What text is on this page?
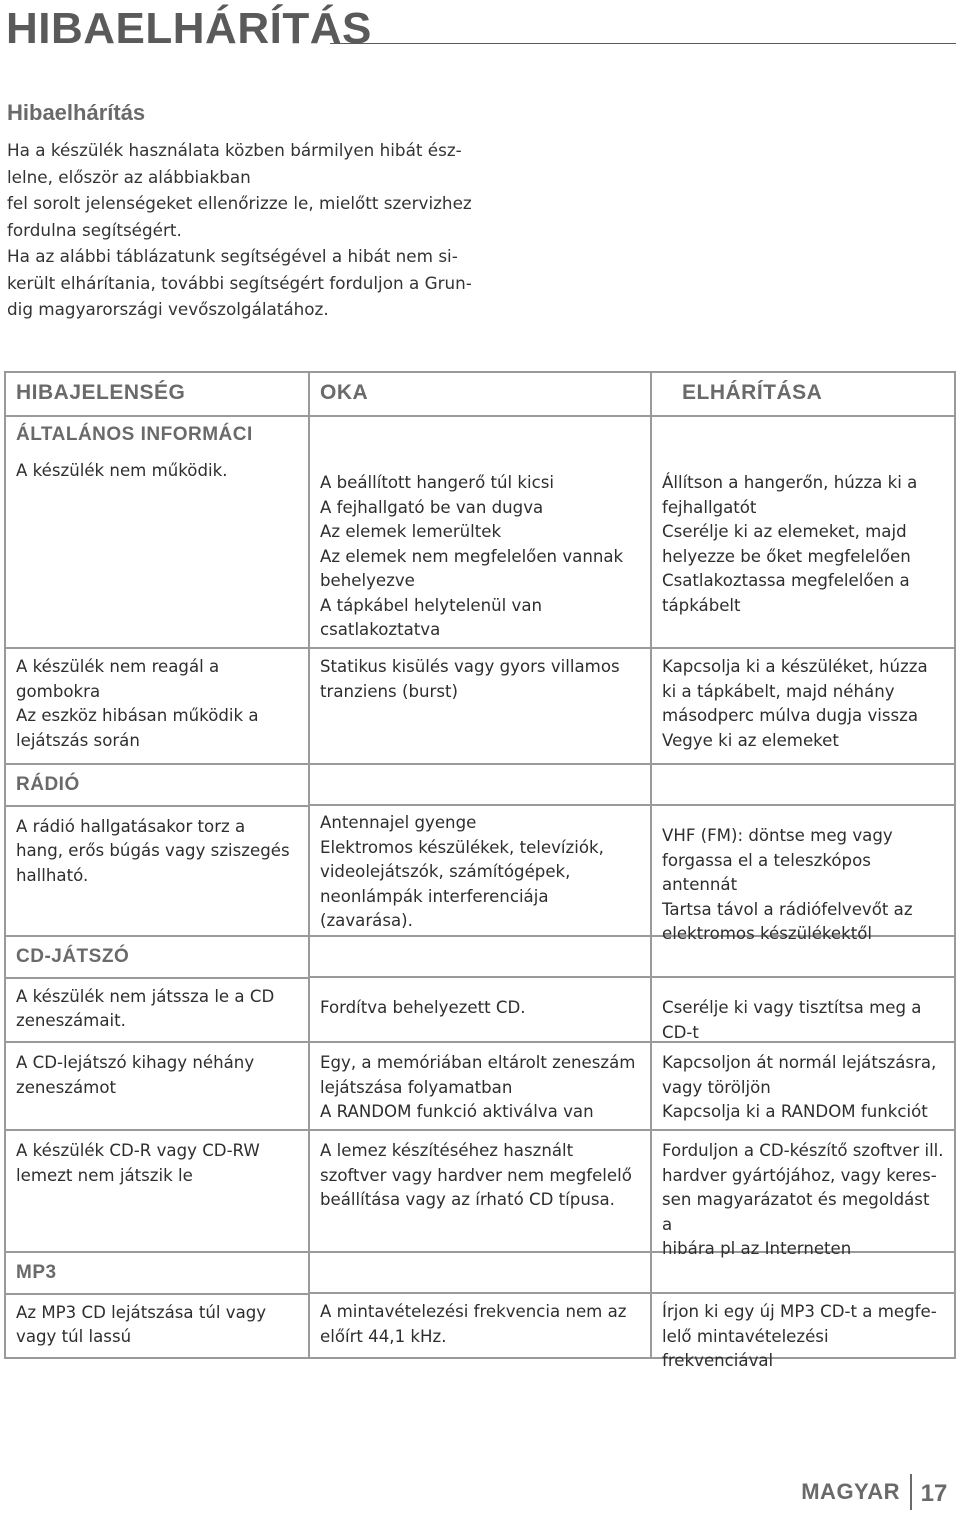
HIBAELHÁRÍTÁS
Hibaelhárítás

Ha a készülék használata közben bármilyen hibát ész-
lelne, először az alábbiakban
fel sorolt jelenségeket ellenőrizze le, mielőtt szervizhez
fordulna segítségért.

Ha az alábbi táblázatunk segítségével a hibát nem si-
került elhárítania, további segítségért forduljon a Grun-
dig magyarországi vevőszolgálatához.

HIBAJELENSÉG
ÁLTALÁNOS INFORMÁCI
OKA	ELHÁRÍTÁSA
A készülék nem működik.
A beállított hangerő túl kicsi
A fejhallgató be van dugva
Az elemek lemerültek
Az elemek nem megfelelően vannak
behelyezve
A tápkábel helytelenül van
csatlakoztatva
Állítson a hangerőn, húzza ki a
fejhallgatót
Cserélje ki az elemeket, majd
helyezze be őket megfelelően
Csatlakoztassa megfelelően a
tápkábelt
A készülék nem reagál a
gombokra
Az eszköz hibásan működik a
lejátszás során
Statikus kisülés vagy gyors villamos
tranziens (burst)
Kapcsolja ki a készüléket, húzza
ki a tápkábelt, majd néhány
másodperc múlva dugja vissza
Vegye ki az elemeket
RÁDIÓ
A rádió hallgatásakor torz a
hang, erős búgás vagy sziszegés
hallható.
Antennajel gyenge
Elektromos készülékek, televíziók,
videolejátszók, számítógépek,
neonlámpák interferenciája
(zavarása).
VHF (FM): döntse meg vagy
forgassa el a teleszkópos antennát
Tartsa távol a rádiófelvevőt az
elektromos készülékektől
CD-JÁTSZÓ
A készülék nem játssza le a CD
zeneszámait.
Fordítva behelyezett CD.	Cserélje ki vagy tisztítsa meg a
CD-t
A CD-lejátszó kihagy néhány
zeneszámot
Egy, a memóriában eltárolt zeneszám
lejátszása folyamatban
A RANDOM funkció aktiválva van
Kapcsoljon át normál lejátszásra,
vagy töröljön
Kapcsolja ki a RANDOM funkciót
A készülék CD-R vagy CD-RW
lemezt nem játszik le
A lemez készítéséhez használt
szoftver vagy hardver nem megfelelő
beállítása vagy az írható CD típusa.
Forduljon a CD-készítő szoftver ill.
hardver gyártójához, vagy keres-
sen magyarázatot és megoldást a
hibára pl az Interneten
MP3
Az MP3 CD lejátszása túl vagy
vagy túl lassú
A mintavételezési frekvencia nem az
előírt 44,1 kHz.
Írjon ki egy új MP3 CD-t a megfe-
lelő mintavételezési frekvenciával
MAGYAR 17
